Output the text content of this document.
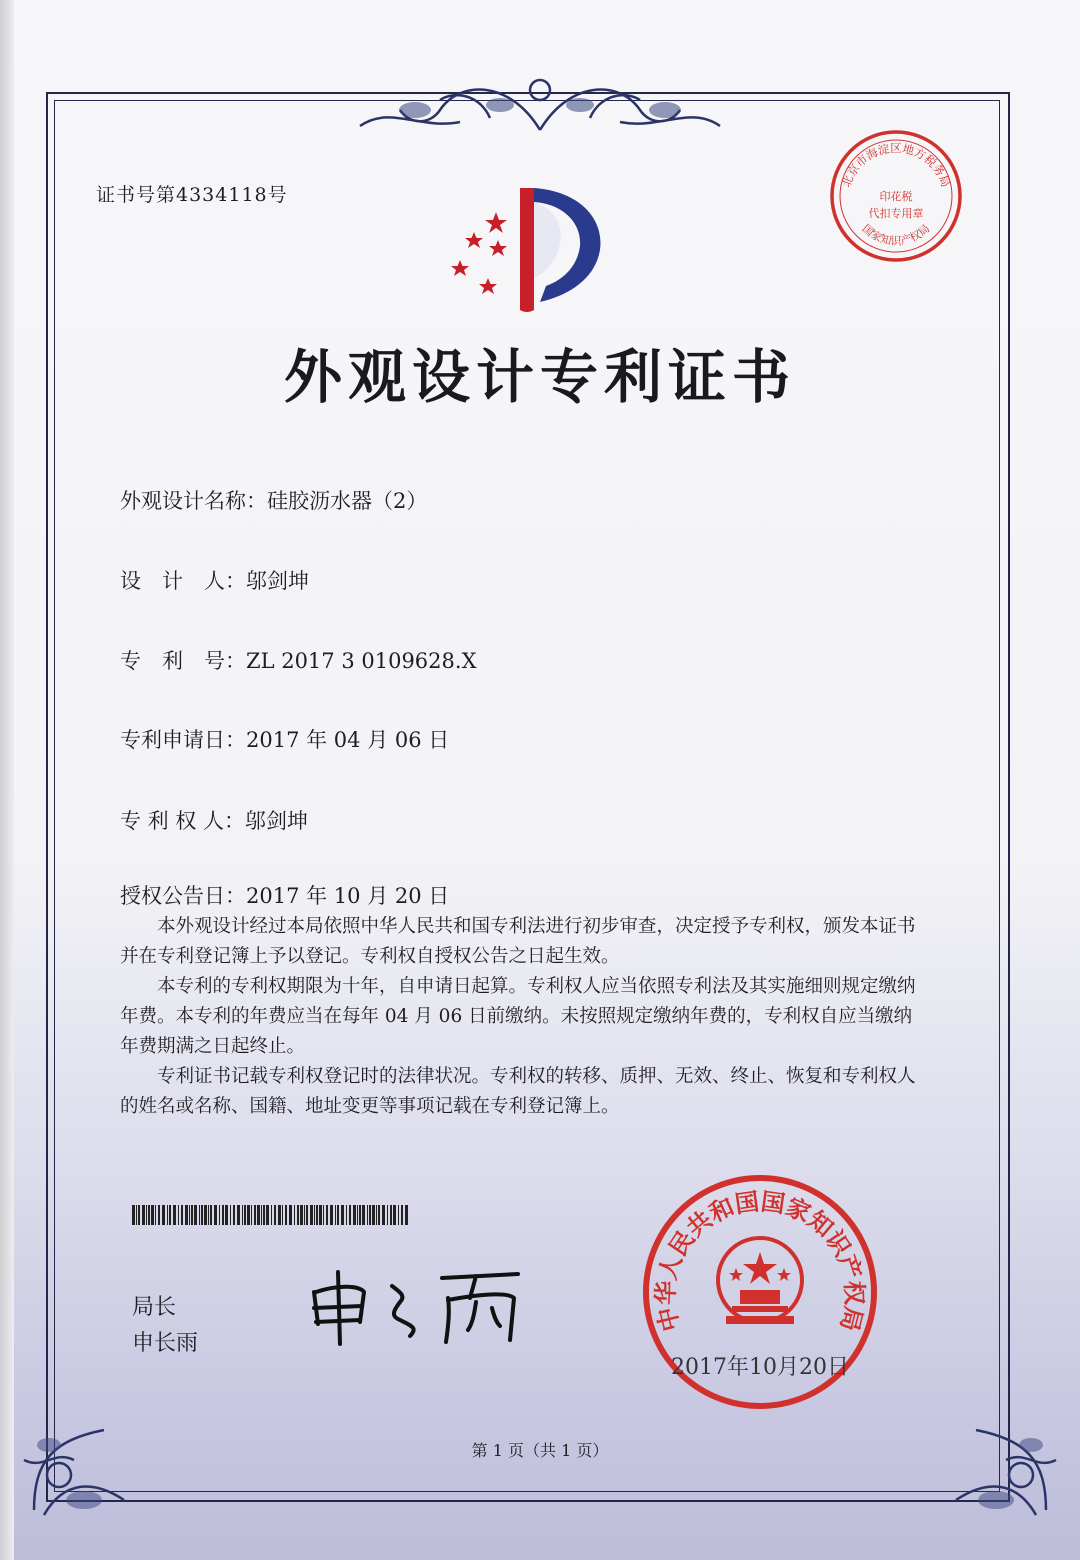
证书号第4334118号
外观设计专利证书
外观设计名称：硅胶沥水器（2）
设　计　人：邬剑坤
专　利　号：ZL 2017 3 0109628.X
专利申请日：2017 年 04 月 06 日
专 利 权 人：邬剑坤
授权公告日：2017 年 10 月 20 日

本外观设计经过本局依照中华人民共和国专利法进行初步审查，决定授予专利权，颁发本证书并在专利登记簿上予以登记。专利权自授权公告之日起生效。

本专利的专利权期限为十年，自申请日起算。专利权人应当依照专利法及其实施细则规定缴纳年费。本专利的年费应当在每年 04 月 06 日前缴纳。未按照规定缴纳年费的，专利权自应当缴纳年费期满之日起终止。

专利证书记载专利权登记时的法律状况。专利权的转移、质押、无效、终止、恢复和专利权人的姓名或名称、国籍、地址变更等事项记载在专利登记簿上。

局长
申长雨
第 1 页（共 1 页）
北京市海淀区地方税务局
国家知识产权局
印花税
代扣专用章
中华人民共和国国家知识产权局
2017年10月20日
